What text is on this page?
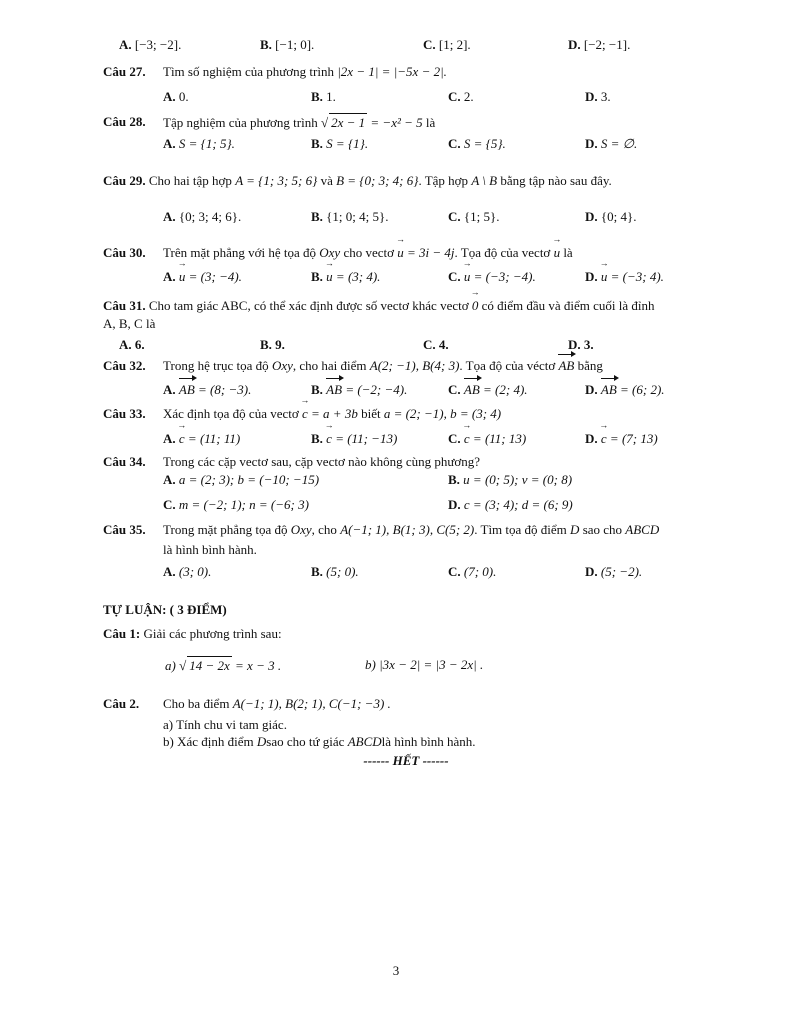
A. [−3; −2].	B. [−1; 0].	C. [1; 2].	D. [−2; −1].
Câu 27. Tìm số nghiệm của phương trình |2x − 1| = |−5x − 2|.
A. 0.	B. 1.	C. 2.	D. 3.
Câu 28. Tập nghiệm của phương trình √ 2x − 1 = −x² − 5 là
A. S = {1; 5}.	B. S = {1}.	C. S = {5}.	D. S = ∅.
Câu 29. Cho hai tập hợp A = {1; 3; 5; 6} và B = {0; 3; 4; 6}. Tập hợp A \ B bằng tập nào sau đây.
A. {0; 3; 4; 6}.	B. {1; 0; 4; 5}.	C. {1; 5}.	D. {0; 4}.
Câu 30. Trên mặt phẳng với hệ tọa độ Oxy cho vectơ → u = 3i − 4j. Tọa độ của vectơ → u là
A. → u = (3; −4).	B. → u = (3; 4).	C. → u = (−3; −4).	D. → u = (−3; 4).
Câu 31. Cho tam giác ABC, có thể xác định được số vectơ khác vectơ → 0 có điểm đầu và điểm cuối là đỉnh
A, B, C là
A. 6.	B. 9.	C. 4.	D. 3.
Câu 32. Trong hệ trục tọa độ Oxy, cho hai điểm A(2; −1), B(4; 3). Tọa độ của véctơ AB bằng
A. AB = (8; −3).	B. AB = (−2; −4).	C. AB = (2; 4).	D. AB = (6; 2).
Câu 33. Xác định tọa độ của vectơ → c = a + 3b biết a = (2; −1), b = (3; 4)
A. → c = (11; 11)	B. → c = (11; −13)	C. → c = (11; 13)	D. → c = (7; 13)
Câu 34. Trong các cặp vectơ sau, cặp vectơ nào không cùng phương?
A. a = (2; 3); b = (−10; −15)	B. u = (0; 5); v = (0; 8)
C. m = (−2; 1); n = (−6; 3)	D. c = (3; 4); d = (6; 9)
Câu 35. Trong mặt phẳng tọa độ Oxy, cho A(−1; 1), B(1; 3), C(5; 2). Tìm tọa độ điểm D sao cho ABCD
là hình bình hành.
A. (3; 0).	B. (5; 0).	C. (7; 0).	D. (5; −2).
TỰ LUẬN: ( 3 ĐIỂM)
Câu 1: Giải các phương trình sau:
a) √ 14 − 2x = x − 3 .	b) |3x − 2| = |3 − 2x| .
Câu 2. Cho ba điểm A(−1; 1), B(2; 1), C(−1; −3) .
a) Tính chu vi tam giác.
b) Xác định điểm Dsao cho tứ giác ABCDlà hình bình hành.
------ HẾT ------
3
